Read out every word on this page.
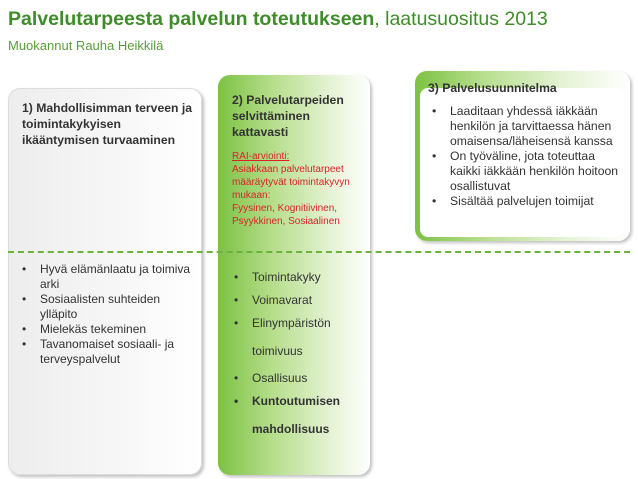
Palvelutarpeesta palvelun toteutukseen, laatusuositus 2013
Muokannut Rauha Heikkilä
1) Mahdollisimman terveen ja toimintakykyisen ikääntymisen turvaaminen
2) Palvelutarpeiden selvittäminen kattavasti
RAI-arviointi:
Asiakkaan palvelutarpeet määräytyvät toimintakyvyn mukaan:
Fyysinen, Kognitiivinen, Psyykkinen, Sosiaalinen
3) Palvelusuunnitelma
• Laaditaan yhdessä iäkkään henkilön ja tarvittaessa hänen omaisensa/läheisensä kanssa
• On työväline, jota toteuttaa kaikki iäkkään henkilön hoitoon osallistuvat
• Sisältää palvelujen toimijat
• Hyvä elämänlaatu ja toimiva arki
• Sosiaalisten suhteiden ylläpito
• Mielekäs tekeminen
• Tavanomaiset sosiaali- ja terveyspalvelut
• Toimintakyky
• Voimavarat
• Elinympäristön toimivuus
• Osallisuus
• Kuntoutumisen mahdollisuus
